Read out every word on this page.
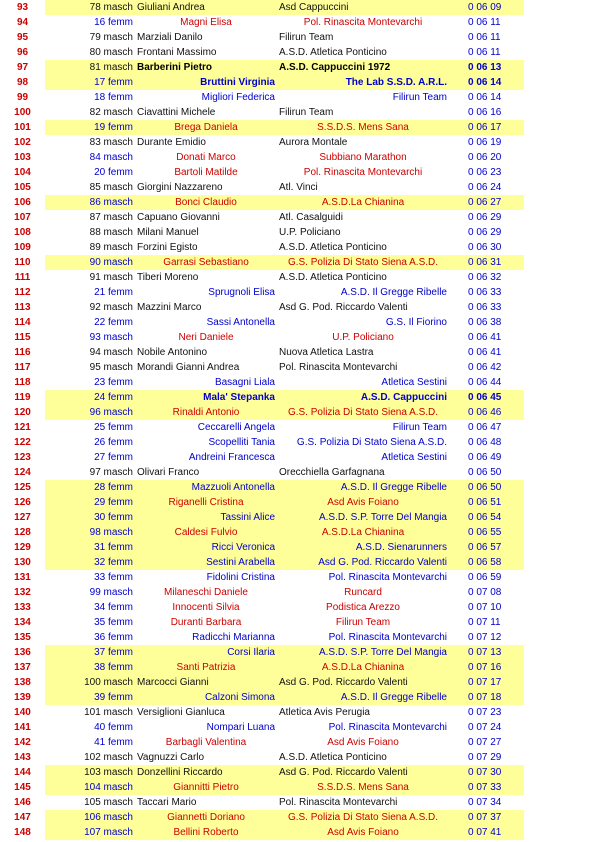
93	78 masch Giuliani Andrea	Asd Cappuccini	0 06 09
94	16 femm	Magni Elisa	Pol. Rinascita Montevarchi	0 06 11
95	79 masch Marziali Danilo	Filirun Team	0 06 11
96	80 masch Frontani Massimo	A.S.D. Atletica Ponticino	0 06 11
97	81 masch Barberini Pietro	A.S.D. Cappuccini 1972	0 06 13
98	17 femm	Bruttini Virginia	The Lab S.S.D. A.R.L. 0 06 14
99	18 femm	Migliori Federica	Filirun Team 0 06 14
100	82 masch Ciavattini Michele	Filirun Team	0 06 16
101	19 femm	Brega Daniela	S.S.D.S. Mens Sana	0 06 17
102	83 masch Durante Emidio	Aurora Montale	0 06 19
103	84 masch	Donati Marco	Subbiano Marathon	0 06 20
104	20 femm	Bartoli Matilde	Pol. Rinascita Montevarchi	0 06 23
105	85 masch Giorgini Nazzareno	Atl. Vinci	0 06 24
106	86 masch	Bonci Claudio	A.S.D.La Chianina	0 06 27
107	87 masch Capuano Giovanni	Atl. Casalguidi	0 06 29
108	88 masch Milani Manuel	U.P. Policiano	0 06 29
109	89 masch Forzini Egisto	A.S.D. Atletica Ponticino	0 06 30
110	90 masch	Garrasi Sebastiano	G.S. Polizia Di Stato Siena A.S.D.	0 06 31
111	91 masch Tiberi Moreno	A.S.D. Atletica Ponticino	0 06 32
112	21 femm	Sprugnoli Elisa	A.S.D. Il Gregge Ribelle 0 06 33
113	92 masch Mazzini Marco	Asd G. Pod. Riccardo Valenti	0 06 33
114	22 femm	Sassi Antonella	G.S. Il Fiorino 0 06 38
115	93 masch	Neri Daniele	U.P. Policiano	0 06 41
116	94 masch Nobile Antonino	Nuova Atletica Lastra	0 06 41
117	95 masch Morandi Gianni Andrea	Pol. Rinascita Montevarchi	0 06 42
118	23 femm	Basagni Liala	Atletica Sestini 0 06 44
119	24 femm	Mala' Stepanka	A.S.D. Cappuccini 0 06 45
120	96 masch	Rinaldi Antonio	G.S. Polizia Di Stato Siena A.S.D.	0 06 46
121	25 femm	Ceccarelli Angela	Filirun Team 0 06 47
122	26 femm	Scopelliti Tania	G.S. Polizia Di Stato Siena A.S.D. 0 06 48
123	27 femm	Andreini Francesca	Atletica Sestini 0 06 49
124	97 masch Olivari Franco	Orecchiella Garfagnana	0 06 50
125	28 femm	Mazzuoli Antonella	A.S.D. Il Gregge Ribelle 0 06 50
126	29 femm	Riganelli Cristina	Asd Avis Foiano	0 06 51
127	30 femm	Tassini Alice	A.S.D. S.P. Torre Del Mangia 0 06 54
128	98 masch	Caldesi Fulvio	A.S.D.La Chianina	0 06 55
129	31 femm	Ricci Veronica	A.S.D. Sienarunners 0 06 57
130	32 femm	Sestini Arabella	Asd G. Pod. Riccardo Valenti 0 06 58
131	33 femm	Fidolini Cristina	Pol. Rinascita Montevarchi 0 06 59
132	99 masch	Milaneschi Daniele	Runcard	0 07 08
133	34 femm	Innocenti Silvia	Podistica Arezzo	0 07 10
134	35 femm	Duranti Barbara	Filirun Team	0 07 11
135	36 femm	Radicchi Marianna	Pol. Rinascita Montevarchi 0 07 12
136	37 femm	Corsi Ilaria	A.S.D. S.P. Torre Del Mangia 0 07 13
137	38 femm	Santi Patrizia	A.S.D.La Chianina	0 07 16
138	100 masch Marcocci Gianni	Asd G. Pod. Riccardo Valenti	0 07 17
139	39 femm	Calzoni Simona	A.S.D. Il Gregge Ribelle 0 07 18
140	101 masch Versiglioni Gianluca	Atletica Avis Perugia	0 07 23
141	40 femm	Nompari Luana	Pol. Rinascita Montevarchi 0 07 24
142	41 femm	Barbagli Valentina	Asd Avis Foiano	0 07 27
143	102 masch Vagnuzzi Carlo	A.S.D. Atletica Ponticino	0 07 29
144	103 masch Donzellini Riccardo	Asd G. Pod. Riccardo Valenti	0 07 30
145	104 masch	Giannitti Pietro	S.S.D.S. Mens Sana	0 07 33
146	105 masch Taccari Mario	Pol. Rinascita Montevarchi	0 07 34
147	106 masch	Giannetti Doriano	G.S. Polizia Di Stato Siena A.S.D.	0 07 37
148	107 masch	Bellini Roberto	Asd Avis Foiano	0 07 41
